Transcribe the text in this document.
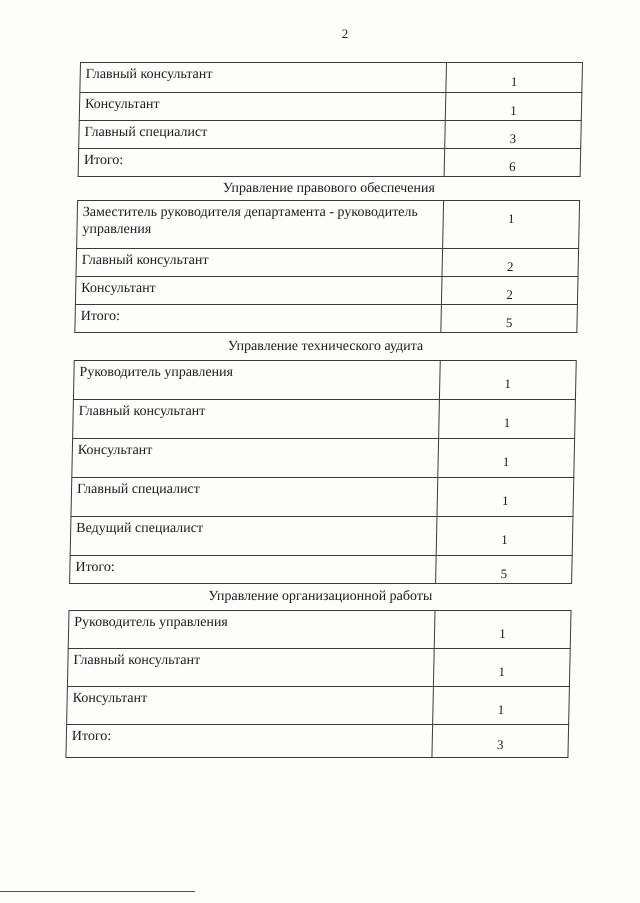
2
Главный консультант	1
Консультант	1
Главный специалист	3
Итого:	6
Управление правового обеспечения	
Заместитель руководителя департамента - руководитель управления	1
Главный консультант	2
Консультант	2
Итого:	5
Управление технического аудита	
Руководитель управления	1
Главный консультант	1
Консультант	1
Главный специалист	1
Ведущий специалист	1
Итого:	5
Управление организационной работы	
Руководитель управления	1
Главный консультант	1
Консультант	1
Итого:	3
